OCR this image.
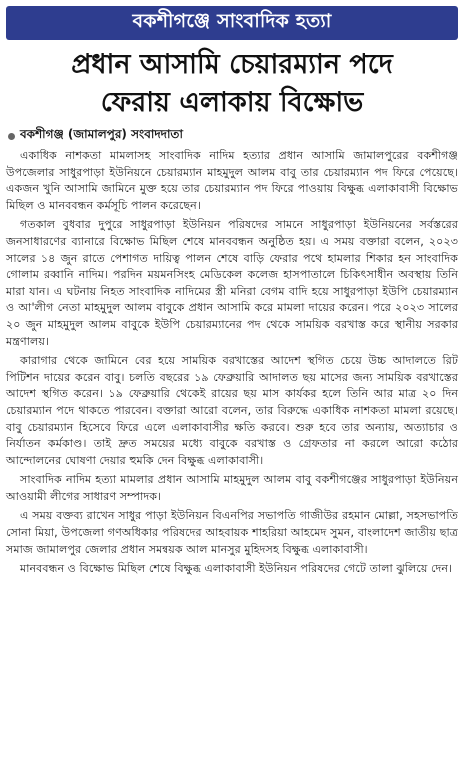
বকশীগঞ্জে সাংবাদিক হত্যা
প্রধান আসামি চেয়ারম্যান পদে
ফেরায় এলাকায় বিক্ষোভ
বকশীগঞ্জ (জামালপুর) সংবাদদাতা

একাধিক নাশকতা মামলাসহ সাংবাদিক নাদিম হত্যার প্রধান আসামি জামালপুরের বকশীগঞ্জ উপজেলার সাধুরপাড়া ইউনিয়নে চেয়ারম্যান মাহমুদুল আলম বাবু তার চেয়ারম্যান পদ ফিরে পেয়েছে। একজন খুনি আসামি জামিনে মুক্ত হয়ে তার চেয়ারম্যান পদ ফিরে পাওয়ায় বিক্ষুব্ধ এলাকাবাসী বিক্ষোভ মিছিল ও মানববন্ধন কর্মসূচি পালন করেছেন।

গতকাল বুধবার দুপুরে সাধুরপাড়া ইউনিয়ন পরিষদের সামনে সাধুরপাড়া ইউনিয়নের সর্বস্তরের জনসাধারণের ব্যানারে বিক্ষোভ মিছিল শেষে মানববন্ধন অনুষ্ঠিত হয়। এ সময় বক্তারা বলেন, ২০২৩ সালের ১৪ জুন রাতে পেশাগত দায়িত্ব পালন শেষে বাড়ি ফেরার পথে হামলার শিকার হন সাংবাদিক গোলাম রব্বানি নাদিম। পরদিন ময়মনসিংহ মেডিকেল কলেজ হাসপাতালে চিকিৎসাধীন অবস্থায় তিনি মারা যান। এ ঘটনায় নিহত সাংবাদিক নাদিমের স্ত্রী মনিরা বেগম বাদি হয়ে সাধুরপাড়া ইউপি চেয়ারম্যান ও আ'লীগ নেতা মাহমুদুল আলম বাবুকে প্রধান আসামি করে মামলা দায়ের করেন। পরে ২০২৩ সালের ২০ জুন মাহমুদুল আলম বাবুকে ইউপি চেয়ারম্যানের পদ থেকে সাময়িক বরখাস্ত করে স্থানীয় সরকার মন্ত্রণালয়।

কারাগার থেকে জামিনে বের হয়ে সাময়িক বরখাস্তের আদেশ স্থগিত চেয়ে উচ্চ আদালতে রিট পিটিশন দায়ের করেন বাবু। চলতি বছরের ১৯ ফেব্রুয়ারি আদালত ছয় মাসের জন্য সাময়িক বরখাস্তের আদেশ স্থগিত করেন। ১৯ ফেব্রুয়ারি থেকেই রায়ের ছয় মাস কার্যকর হলে তিনি আর মাত্র ২০ দিন চেয়ারম্যান পদে থাকতে পারবেন। বক্তারা আরো বলেন, তার বিরুদ্ধে একাধিক নাশকতা মামলা রয়েছে। বাবু চেয়ারম্যান হিসেবে ফিরে এলে এলাকাবাসীর ক্ষতি করবে। শুরু হবে তার অন্যায়, অত্যাচার ও নির্যাতন কর্মকাণ্ড। তাই দ্রুত সময়ের মধ্যে বাবুকে বরখাস্ত ও গ্রেফতার না করলে আরো কঠোর আন্দোলনের ঘোষণা দেয়ার হুমকি দেন বিক্ষুব্ধ এলাকাবাসী।

সাংবাদিক নাদিম হত্যা মামলার প্রধান আসামি মাহমুদুল আলম বাবু বকশীগঞ্জের সাধুরপাড়া ইউনিয়ন আওয়ামী লীগের সাধারণ সম্পাদক।

এ সময় বক্তব্য রাখেন সাধুর পাড়া ইউনিয়ন বিএনপির সভাপতি গাজীউর রহমান মোল্লা, সহসভাপতি সোনা মিয়া, উপজেলা গণঅধিকার পরিষদের আহবায়ক শাহরিয়া আহমেদ সুমন, বাংলাদেশ জাতীয় ছাত্র সমাজ জামালপুর জেলার প্রধান সমন্বয়ক আল মানসুর মুহিদসহ বিক্ষুব্ধ এলাকাবাসী।

মানববন্ধন ও বিক্ষোভ মিছিল শেষে বিক্ষুব্ধ এলাকাবাসী ইউনিয়ন পরিষদের গেটে তালা ঝুলিয়ে দেন।
